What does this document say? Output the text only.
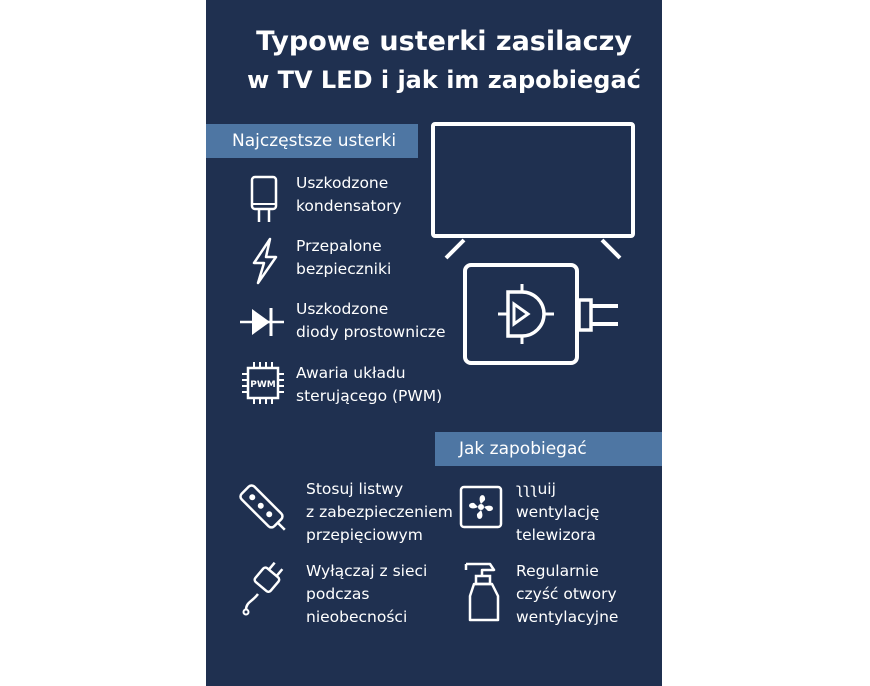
Typowe usterki zasilaczy
w TV LED i jak im zapobiegać
Najczęstsze usterki
Uszkodzone
kondensatory
Przepalone
bezpieczniki
Uszkodzone
diody prostownicze
PWM
Awaria układu
sterującego (PWM)
Jak zapobiegać
Stosuj listwy
z zabezpieczeniem
przepięciowym
ʅʅʅuij
wentylację
telewizora
Wyłączaj z sieci
podczas
nieobecności
Regularnie
czyść otwory
wentylacyjne
